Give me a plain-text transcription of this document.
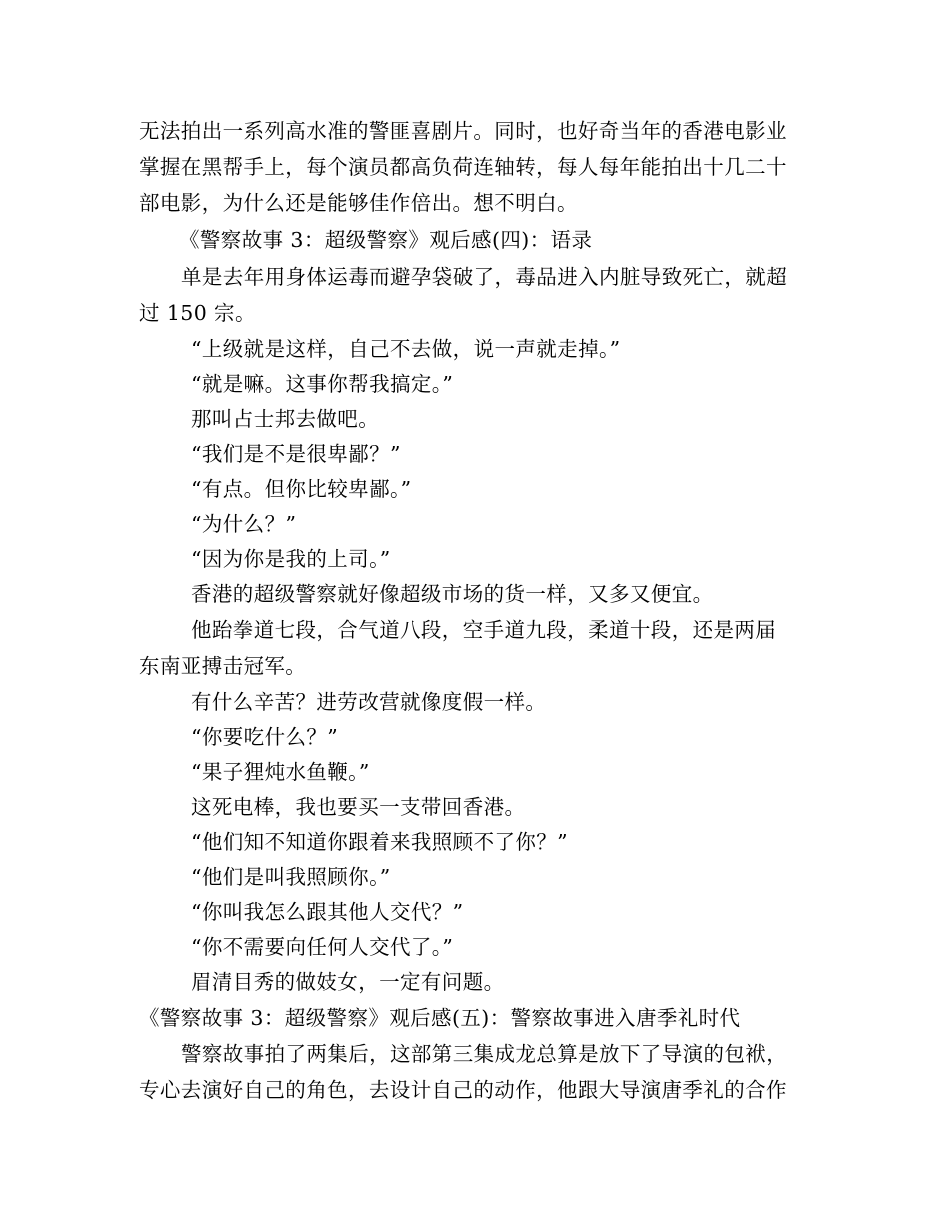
无法拍出一系列高水准的警匪喜剧片。同时，也好奇当年的香港电影业
掌握在黑帮手上，每个演员都高负荷连轴转，每人每年能拍出十几二十
部电影，为什么还是能够佳作倍出。想不明白。
《警察故事 3：超级警察》观后感(四)：语录
单是去年用身体运毒而避孕袋破了，毒品进入内脏导致死亡，就超
过 150 宗。
“上级就是这样，自己不去做，说一声就走掉。”
“就是嘛。这事你帮我搞定。”
那叫占士邦去做吧。
“我们是不是很卑鄙？”
“有点。但你比较卑鄙。”
“为什么？”
“因为你是我的上司。”
香港的超级警察就好像超级市场的货一样，又多又便宜。
他跆拳道七段，合气道八段，空手道九段，柔道十段，还是两届
东南亚搏击冠军。
有什么辛苦？进劳改营就像度假一样。
“你要吃什么？”
“果子狸炖水鱼鞭。”
这死电棒，我也要买一支带回香港。
“他们知不知道你跟着来我照顾不了你？”
“他们是叫我照顾你。”
“你叫我怎么跟其他人交代？”
“你不需要向任何人交代了。”
眉清目秀的做妓女，一定有问题。
《警察故事 3：超级警察》观后感(五)：警察故事进入唐季礼时代
警察故事拍了两集后，这部第三集成龙总算是放下了导演的包袱，
专心去演好自己的角色，去设计自己的动作，他跟大导演唐季礼的合作
